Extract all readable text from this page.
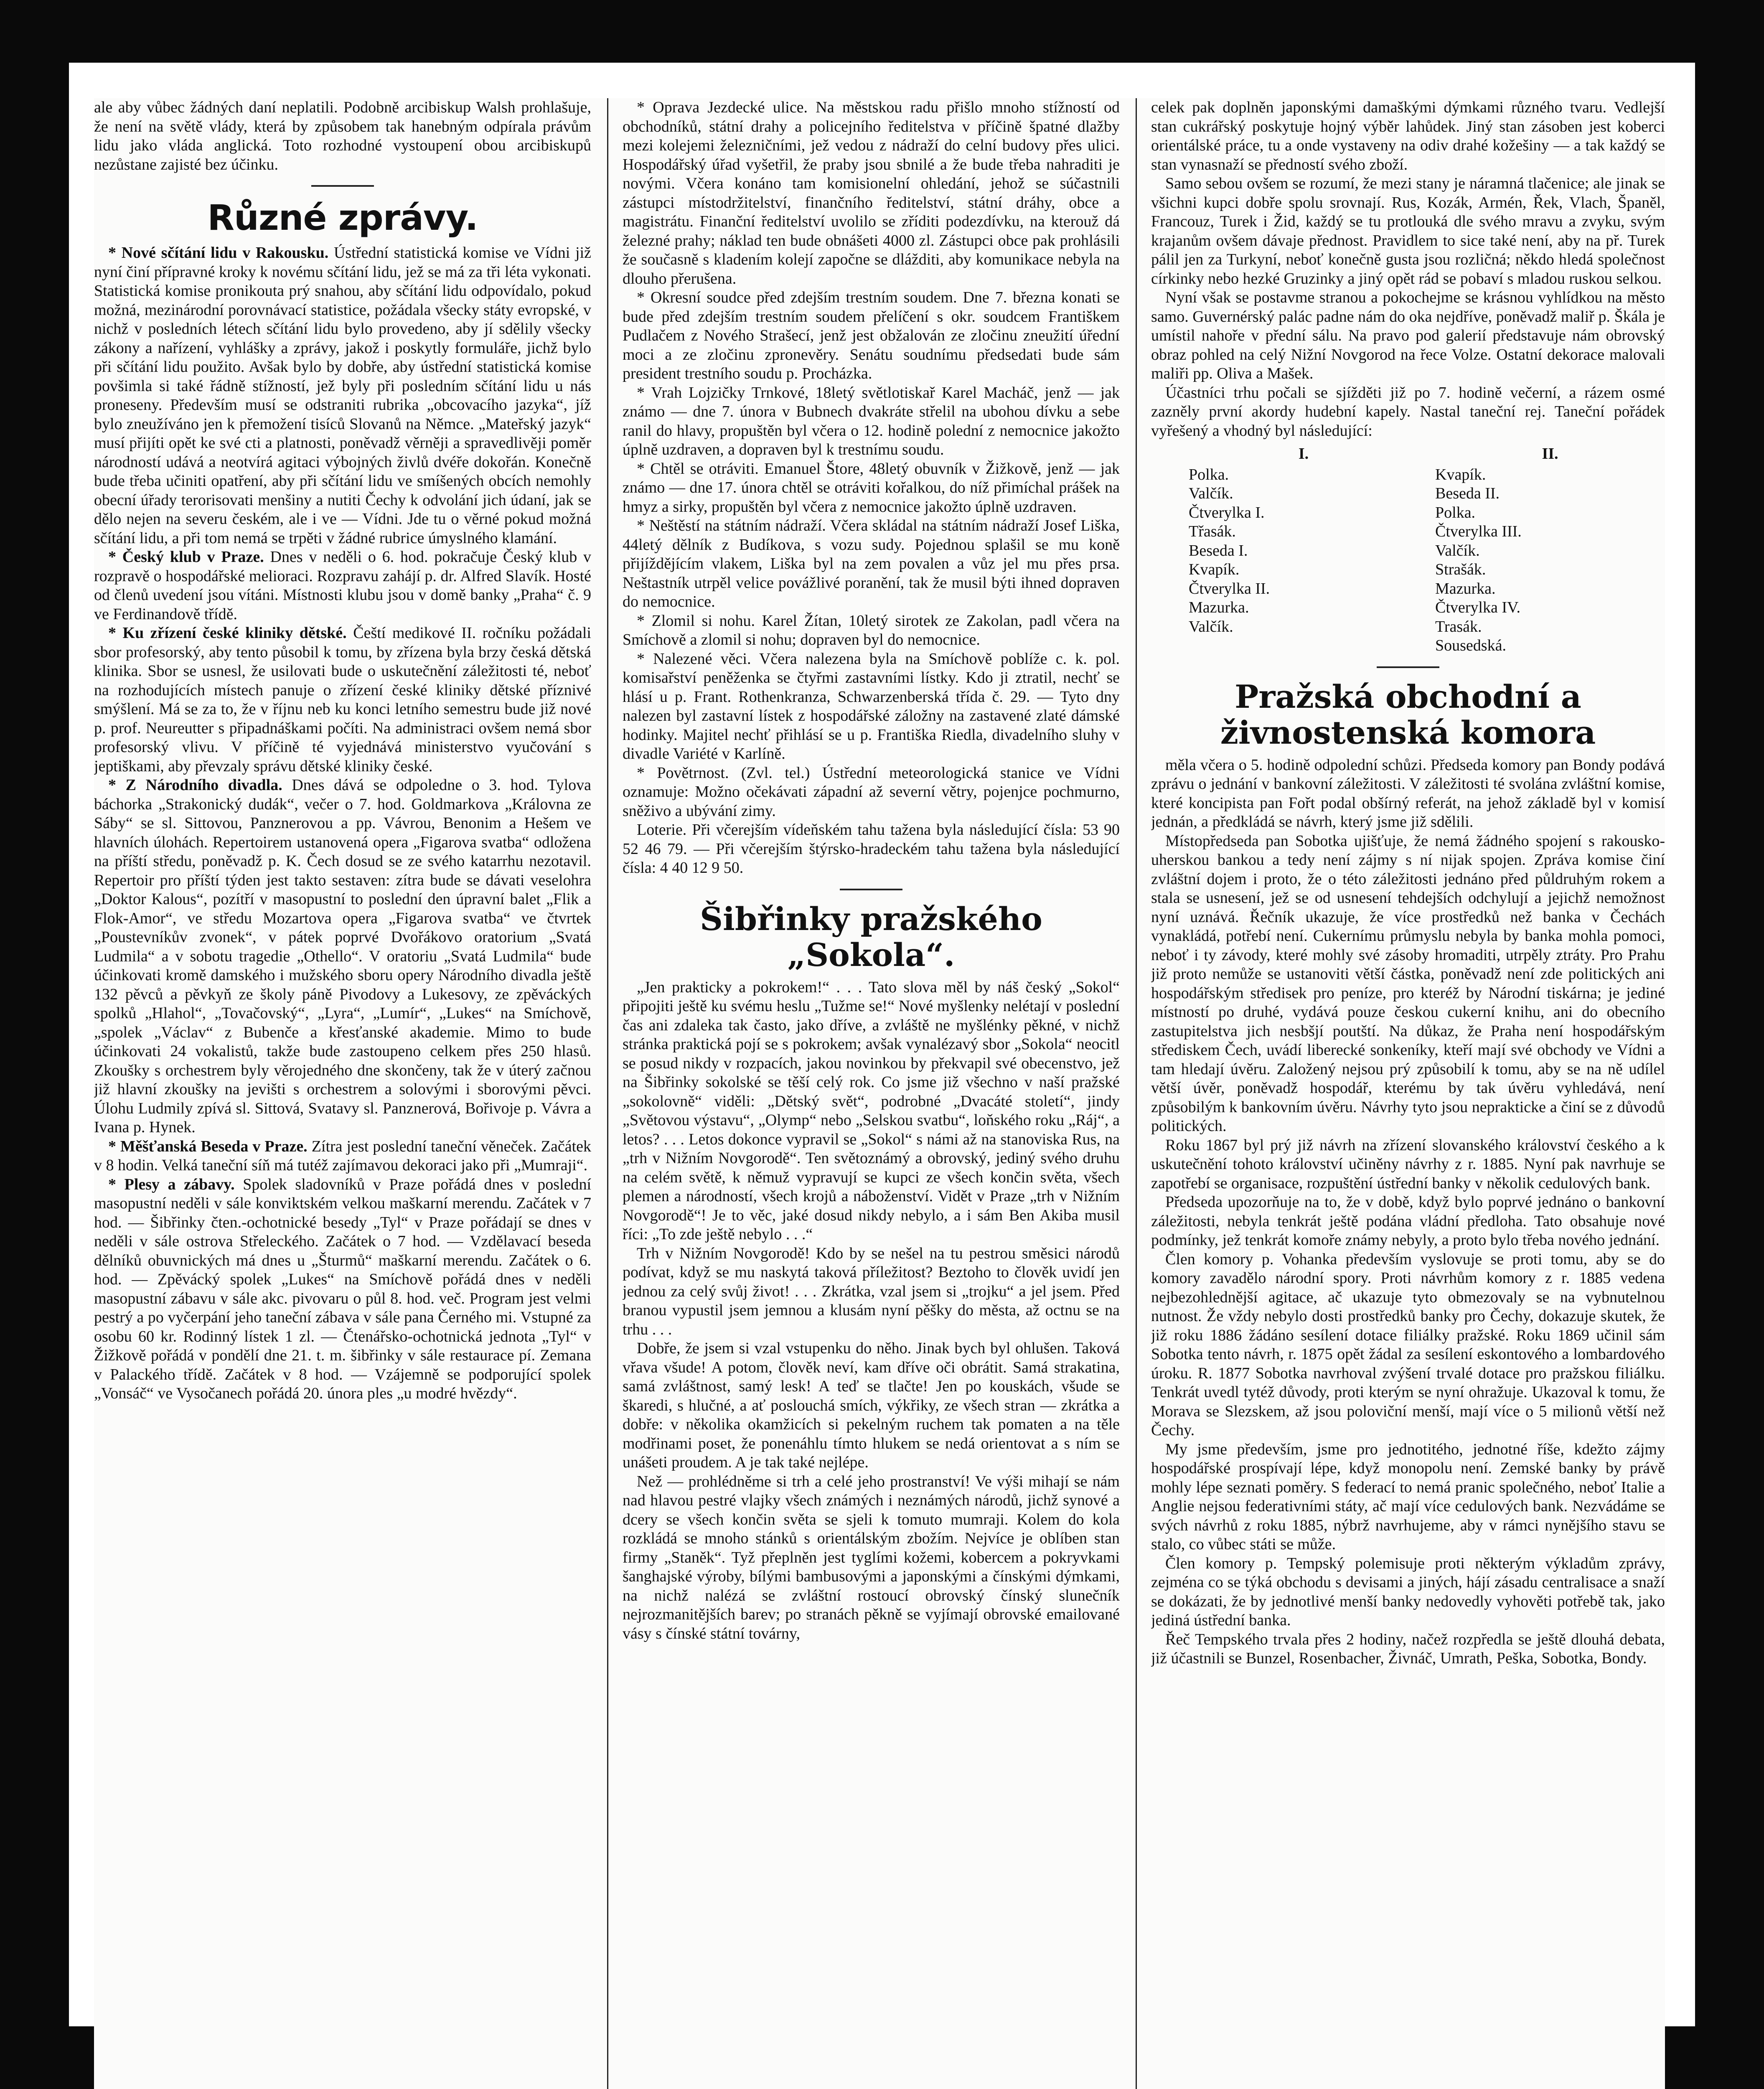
ale aby vůbec žádných daní neplatili. Podobně arcibiskup Walsh prohlašuje, že není na světě vlády, která by způsobem tak hanebným odpírala právům lidu jako vláda anglická. Toto rozhodné vystoupení obou arcibiskupů nezůstane zajisté bez účinku.

Různé zprávy.

* Nové sčítání lidu v Rakousku. Ústřední statistická komise ve Vídni již nyní činí přípravné kroky k novému sčítání lidu, jež se má za tři léta vykonati. Statistická komise pronikouta prý snahou, aby sčítání lidu odpovídalo, pokud možná, mezinárodní porovnávací statistice, požádala všecky státy evropské, v nichž v posledních létech sčítání lidu bylo provedeno, aby jí sdělily všecky zákony a nařízení, vyhlášky a zprávy, jakož i poskytly formuláře, jichž bylo při sčítání lidu použito. Avšak bylo by dobře, aby ústřední statistická komise povšimla si také řádně stížností, jež byly při posledním sčítání lidu u nás proneseny. Především musí se odstraniti rubrika „obcovacího jazyka“, jíž bylo zneužíváno jen k přemožení tisíců Slovanů na Němce. „Mateřský jazyk“ musí přijíti opět ke své cti a platnosti, poněvadž věrněji a spravedlivěji poměr národností udává a neotvírá agitaci výbojných živlů dvéře dokořán. Konečně bude třeba učiniti opatření, aby při sčítání lidu ve smíšených obcích nemohly obecní úřady terorisovati menšiny a nutiti Čechy k odvolání jich údaní, jak se dělo nejen na severu českém, ale i ve — Vídni. Jde tu o věrné pokud možná sčítání lidu, a při tom nemá se trpěti v žádné rubrice úmyslného klamání.

* Český klub v Praze. Dnes v neděli o 6. hod. pokračuje Český klub v rozpravě o hospodářské melioraci. Rozpravu zahájí p. dr. Alfred Slavík. Hosté od členů uvedení jsou vítáni. Místnosti klubu jsou v domě banky „Praha“ č. 9 ve Ferdinandově třídě.

* Ku zřízení české kliniky dětské. Čeští medikové II. ročníku požádali sbor profesorský, aby tento působil k tomu, by zřízena byla brzy česká dětská klinika. Sbor se usnesl, že usilovati bude o uskutečnění záležitosti té, neboť na rozhodujících místech panuje o zřízení české kliniky dětské příznivé smýšlení. Má se za to, že v říjnu neb ku konci letního semestru bude již nové p. prof. Neureutter s připadnáškami počíti. Na administraci ovšem nemá sbor profesorský vlivu. V příčině té vyjednává ministerstvo vyučování s jeptiškami, aby převzaly správu dětské kliniky české.

* Z Národního divadla. Dnes dává se odpoledne o 3. hod. Tylova báchorka „Strakonický dudák“, večer o 7. hod. Goldmarkova „Královna ze Sáby“ se sl. Sittovou, Panznerovou a pp. Vávrou, Benonim a Hešem ve hlavních úlohách. Repertoirem ustanovená opera „Figarova svatba“ odložena na příští středu, poněvadž p. K. Čech dosud se ze svého katarrhu nezotavil. Repertoir pro příští týden jest takto sestaven: zítra bude se dávati veselohra „Doktor Kalous“, pozítří v masopustní to poslední den úpravní balet „Flik a Flok-Amor“, ve středu Mozartova opera „Figarova svatba“ ve čtvrtek „Poustevníkův zvonek“, v pátek poprvé Dvořákovo oratorium „Svatá Ludmila“ a v sobotu tragedie „Othello“. V oratoriu „Svatá Ludmila“ bude účinkovati kromě damského i mužského sboru opery Národního divadla ještě 132 pěvců a pěvkyň ze školy páně Pivodovy a Lukesovy, ze zpěváckých spolků „Hlahol“, „Tovačovský“, „Lyra“, „Lumír“, „Lukes“ na Smíchově, „spolek „Václav“ z Bubenče a křesťanské akademie. Mimo to bude účinkovati 24 vokalistů, takže bude zastoupeno celkem přes 250 hlasů. Zkoušky s orchestrem byly věrojedného dne skončeny, tak že v úterý začnou již hlavní zkoušky na jevišti s orchestrem a solovými i sborovými pěvci. Úlohu Ludmily zpívá sl. Sittová, Svatavy sl. Panznerová, Bořivoje p. Vávra a Ivana p. Hynek.

* Měšťanská Beseda v Praze. Zítra jest poslední taneční věneček. Začátek v 8 hodin. Velká taneční síň má tutéž zajímavou dekoraci jako při „Mumraji“.

* Plesy a zábavy. Spolek sladovníků v Praze pořádá dnes v poslední masopustní neděli v sále konviktském velkou maškarní merendu. Začátek v 7 hod. — Šibřinky čten.-ochotnické besedy „Tyl“ v Praze pořádají se dnes v neděli v sále ostrova Střeleckého. Začátek o 7 hod. — Vzdělavací beseda dělníků obuvnických má dnes u „Šturmů“ maškarní merendu. Začátek o 6. hod. — Zpěvácký spolek „Lukes“ na Smíchově pořádá dnes v neděli masopustní zábavu v sále akc. pivovaru o půl 8. hod. več. Program jest velmi pestrý a po vyčerpání jeho taneční zábava v sále pana Černého mi. Vstupné za osobu 60 kr. Rodinný lístek 1 zl. — Čtenářsko-ochotnická jednota „Tyl“ v Žižkově pořádá v pondělí dne 21. t. m. šibřinky v sále restaurace pí. Zemana v Palackého třídě. Začátek v 8 hod. — Vzájemně se podporující spolek „Vonsáč“ ve Vysočanech pořádá 20. února ples „u modré hvězdy“.

* Oprava Jezdecké ulice. Na městskou radu přišlo mnoho stížností od obchodníků, státní drahy a policejního ředitelstva v příčině špatné dlažby mezi kolejemi železničními, jež vedou z nádraží do celní budovy přes ulici. Hospodářský úřad vyšetřil, že praby jsou sbnilé a že bude třeba nahraditi je novými. Včera konáno tam komisionelní ohledání, jehož se súčastnili zástupci místodržitelství, finančního ředitelství, státní dráhy, obce a magistrátu. Finanční ředitelství uvolilo se zříditi podezdívku, na kterouž dá železné prahy; náklad ten bude obnášeti 4000 zl. Zástupci obce pak prohlásili že současně s kladením kolejí započne se dlážditi, aby komunikace nebyla na dlouho přerušena.

* Okresní soudce před zdejším trestním soudem. Dne 7. března konati se bude před zdejším trestním soudem přelíčení s okr. soudcem Františkem Pudlačem z Nového Strašecí, jenž jest obžalován ze zločinu zneužití úřední moci a ze zločinu zpronevěry. Senátu soudnímu předsedati bude sám president trestního soudu p. Procházka.

* Vrah Lojzičky Trnkové, 18letý světlotiskař Karel Macháč, jenž — jak známo — dne 7. února v Bubnech dvakráte střelil na ubohou dívku a sebe ranil do hlavy, propuštěn byl včera o 12. hodině polední z nemocnice jakožto úplně uzdraven, a dopraven byl k trestnímu soudu.

* Chtěl se otráviti. Emanuel Štore, 48letý obuvník v Žižkově, jenž — jak známo — dne 17. února chtěl se otráviti kořalkou, do níž přimíchal prášek na hmyz a sirky, propuštěn byl včera z nemocnice jakožto úplně uzdraven.

* Neštěstí na státním nádraží. Včera skládal na státním nádraží Josef Liška, 44letý dělník z Budíkova, s vozu sudy. Pojednou splašil se mu koně přijíždějícím vlakem, Liška byl na zem povalen a vůz jel mu přes prsa. Neštastník utrpěl velice povážlivé poranění, tak že musil býti ihned dopraven do nemocnice.

* Zlomil si nohu. Karel Žítan, 10letý sirotek ze Zakolan, padl včera na Smíchově a zlomil si nohu; dopraven byl do nemocnice.

* Nalezené věci. Včera nalezena byla na Smíchově poblíže c. k. pol. komisařství peněženka se čtyřmi zastavními lístky. Kdo ji ztratil, nechť se hlásí u p. Frant. Rothenkranza, Schwarzenberská třída č. 29. — Tyto dny nalezen byl zastavní lístek z hospodářské záložny na zastavené zlaté dámské hodinky. Majitel nechť přihlásí se u p. Františka Riedla, divadelního sluhy v divadle Variété v Karlíně.

* Povětrnost. (Zvl. tel.) Ústřední meteorologická stanice ve Vídni oznamuje: Možno očekávati západní až severní větry, pojenjce pochmurno, sněživo a ubývání zimy.

Loterie. Při včerejším vídeňském tahu tažena byla následující čísla: 53 90 52 46 79. — Při včerejším štýrsko-hradeckém tahu tažena byla následující čísla: 4 40 12 9 50.

Šibřinky pražského „Sokola“.

„Jen prakticky a pokrokem!“ . . . Tato slova měl by náš český „Sokol“ připojiti ještě ku svému heslu „Tužme se!“ Nové myšlenky nelétají v poslední čas ani zdaleka tak často, jako dříve, a zvláště ne myšlénky pěkné, v nichž stránka praktická pojí se s pokrokem; avšak vynalézavý sbor „Sokola“ neocitl se posud nikdy v rozpacích, jakou novinkou by překvapil své obecenstvo, jež na Šibřinky sokolské se těší celý rok. Co jsme již všechno v naší pražské „sokolovně“ viděli: „Dětský svět“, podrobné „Dvacáté století“, jindy „Světovou výstavu“, „Olymp“ nebo „Selskou svatbu“, loňského roku „Ráj“, a letos? . . . Letos dokonce vypravil se „Sokol“ s námi až na stanoviska Rus, na „trh v Nižním Novgorodě“. Ten světoznámý a obrovský, jediný svého druhu na celém světě, k němuž vypravují se kupci ze všech končin světa, všech plemen a národností, všech krojů a náboženství. Vidět v Praze „trh v Nižním Novgorodě“! Je to věc, jaké dosud nikdy nebylo, a i sám Ben Akiba musil říci: „To zde ještě nebylo . . .“

Trh v Nižním Novgorodě! Kdo by se nešel na tu pestrou směsici národů podívat, když se mu naskytá taková příležitost? Beztoho to člověk uvidí jen jednou za celý svůj život! . . . Zkrátka, vzal jsem si „trojku“ a jel jsem. Před branou vypustil jsem jemnou a klusám nyní pěšky do města, až octnu se na trhu . . .

Dobře, že jsem si vzal vstupenku do něho. Jinak bych byl ohlušen. Taková vřava všude! A potom, člověk neví, kam dříve oči obrátit. Samá strakatina, samá zvláštnost, samý lesk! A teď se tlačte! Jen po kouskách, všude se škaredi, s hlučné, a ať poslouchá smích, výkřiky, ze všech stran — zkrátka a dobře: v několika okamžicích si pekelným ruchem tak pomaten a na těle modřinami poset, že ponenáhlu tímto hlukem se nedá orientovat a s ním se unášeti proudem. A je tak také nejlépe.

Než — prohlédněme si trh a celé jeho prostranství! Ve výši mihají se nám nad hlavou pestré vlajky všech známých i neznámých národů, jichž synové a dcery se všech končin světa se sjeli k tomuto mumraji. Kolem do kola rozkládá se mnoho stánků s orientálským zbožím. Nejvíce je oblíben stan firmy „Staněk“. Tyž přeplněn jest tyglími kožemi, kobercem a pokryvkami šanghajské výroby, bílými bambusovými a japonskými a čínskými dýmkami, na nichž nalézá se zvláštní rostoucí obrovský čínský slunečník nejrozmanitějších barev; po stranách pěkně se vyjímají obrovské emailované vásy s čínské státní továrny,

celek pak doplněn japonskými damaškými dýmkami různého tvaru. Vedlejší stan cukrářský poskytuje hojný výběr lahůdek. Jiný stan zásoben jest koberci orientálské práce, tu a onde vystaveny na odiv drahé kožešiny — a tak každý se stan vynasnaží se předností svého zboží.

Samo sebou ovšem se rozumí, že mezi stany je náramná tlačenice; ale jinak se všichni kupci dobře spolu srovnají. Rus, Kozák, Armén, Řek, Vlach, Španěl, Francouz, Turek i Žid, každý se tu protlouká dle svého mravu a zvyku, svým krajanům ovšem dávaje přednost. Pravidlem to sice také není, aby na př. Turek pálil jen za Turkyní, neboť konečně gusta jsou rozličná; někdo hledá společnost církinky nebo hezké Gruzinky a jiný opět rád se pobaví s mladou ruskou selkou.

Nyní však se postavme stranou a pokochejme se krásnou vyhlídkou na město samo. Guvernérský palác padne nám do oka nejdříve, poněvadž maliř p. Škála je umístil nahoře v přední sálu. Na pravo pod galerií představuje nám obrovský obraz pohled na celý Nižní Novgorod na řece Volze. Ostatní dekorace malovali maliři pp. Oliva a Mašek.

Účastníci trhu počali se sjížděti již po 7. hodině večerní, a rázem osmé zazněly první akordy hudební kapely. Nastal taneční rej. Taneční pořádek vyřešený a vhodný byl následující:

I.
Polka.
Valčík.
Čtverylka I.
Třasák.
Beseda I.
Kvapík.
Čtverylka II.
Mazurka.
Valčík.
II.
Kvapík.
Beseda II.
Polka.
Čtverylka III.
Valčík.
Strašák.
Mazurka.
Čtverylka IV.
Trasák.
Sousedská.
Pražská obchodní a živnostenská komora

měla včera o 5. hodině odpolední schůzi. Předseda komory pan Bondy podává zprávu o jednání v bankovní záležitosti. V záležitosti té svolána zvláštní komise, které koncipista pan Fořt podal obšírný referát, na jehož základě byl v komisí jednán, a předkládá se návrh, který jsme již sdělili.

Místopředseda pan Sobotka ujišťuje, že nemá žádného spojení s rakousko-uherskou bankou a tedy není zájmy s ní nijak spojen. Zpráva komise činí zvláštní dojem i proto, že o této záležitosti jednáno před půldruhým rokem a stala se usnesení, jež se od usnesení tehdejších odchylují a jejichž nemožnost nyní uznává. Řečník ukazuje, že více prostředků než banka v Čechách vynakládá, potřebí není. Cukernímu průmyslu nebyla by banka mohla pomoci, neboť i ty závody, které mohly své zásoby hromaditi, utrpěly ztráty. Pro Prahu již proto nemůže se ustanoviti větší částka, poněvadž není zde politických ani hospodářským středisek pro peníze, pro kteréž by Národní tiskárna; je jediné místností po druhé, vydává pouze českou cukerní knihu, ani do obecního zastupitelstva jich nesbšjí poutští. Na důkaz, že Praha není hospodářským střediskem Čech, uvádí liberecké sonkeníky, kteří mají své obchody ve Vídni a tam hledají úvěru. Založený nejsou prý způsobilí k tomu, aby se na ně udílel větší úvěr, poněvadž hospodář, kterému by tak úvěru vyhledává, není způsobilým k bankovním úvěru. Návrhy tyto jsou neprakticke a činí se z důvodů politických.

Roku 1867 byl prý již návrh na zřízení slovanského království českého a k uskutečnění tohoto království učiněny návrhy z r. 1885. Nyní pak navrhuje se zapotřebí se organisace, rozpuštění ústřední banky v několik cedulových bank.

Předseda upozorňuje na to, že v době, když bylo poprvé jednáno o bankovní záležitosti, nebyla tenkrát ještě podána vládní předloha. Tato obsahuje nové podmínky, jež tenkrát komoře známy nebyly, a proto bylo třeba nového jednání.

Člen komory p. Vohanka především vyslovuje se proti tomu, aby se do komory zavadělo národní spory. Proti návrhům komory z r. 1885 vedena nejbezohlednější agitace, ač ukazuje tyto obmezovaly se na vybnutelnou nutnost. Že vždy nebylo dosti prostředků banky pro Čechy, dokazuje skutek, že již roku 1886 žádáno sesílení dotace filiálky pražské. Roku 1869 učinil sám Sobotka tento návrh, r. 1875 opět žádal za sesílení eskontového a lombardového úroku. R. 1877 Sobotka navrhoval zvýšení trvalé dotace pro pražskou filiálku. Tenkrát uvedl tytéž důvody, proti kterým se nyní ohražuje. Ukazoval k tomu, že Morava se Slezskem, až jsou poloviční menší, mají více o 5 milionů větší než Čechy.

My jsme především, jsme pro jednotitého, jednotné říše, kdežto zájmy hospodářské prospívají lépe, když monopolu není. Zemské banky by právě mohly lépe seznati poměry. S federací to nemá pranic společného, neboť Italie a Anglie nejsou federativními státy, ač mají více cedulových bank. Nezvádáme se svých návrhů z roku 1885, nýbrž navrhujeme, aby v rámci nynějšího stavu se stalo, co vůbec státi se může.

Člen komory p. Tempský polemisuje proti některým výkladům zprávy, zejména co se týká obchodu s devisami a jiných, hájí zásadu centralisace a snaží se dokázati, že by jednotlivé menší banky nedovedly vyhověti potřebě tak, jako jediná ústřední banka.

Řeč Tempského trvala přes 2 hodiny, načež rozpředla se ještě dlouhá debata, již účastnili se Bunzel, Rosenbacher, Živnáč, Umrath, Peška, Sobotka, Bondy.
